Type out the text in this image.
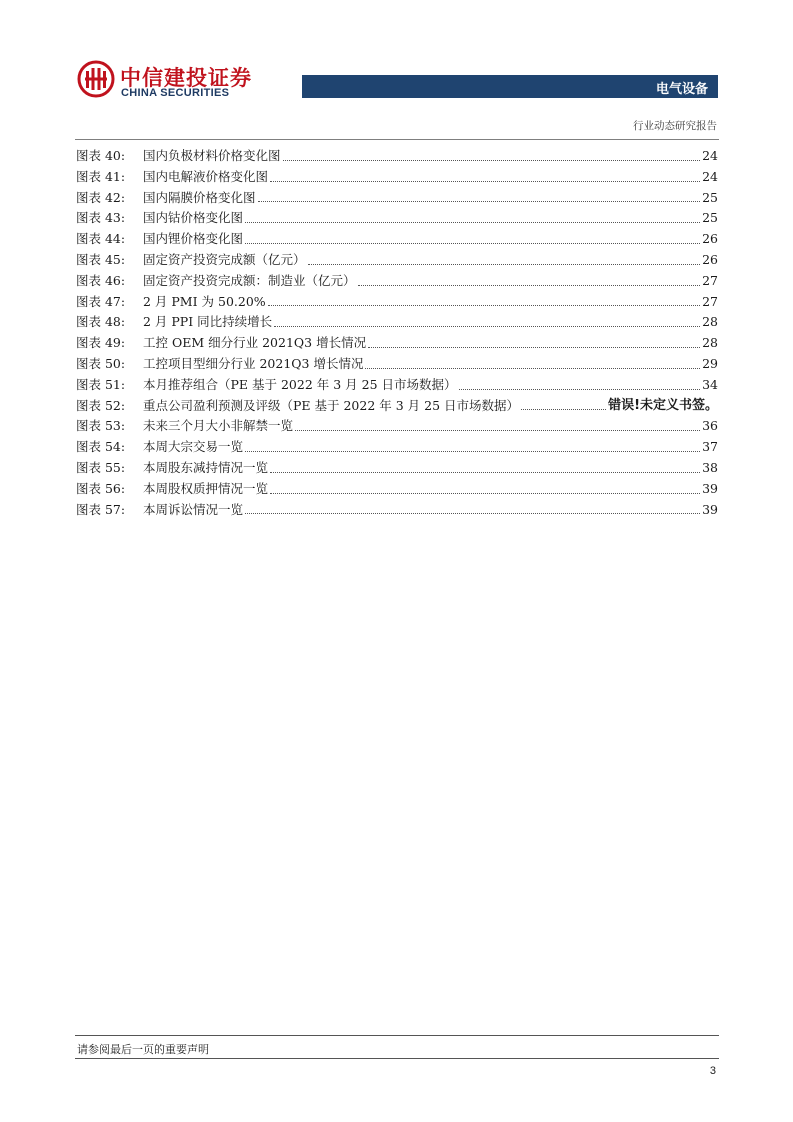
中信建投证券
CHINA SECURITIES	电气设备
行业动态研究报告
图表 40:	国内负极材料价格变化图	24
图表 41:	国内电解液价格变化图	24
图表 42:	国内隔膜价格变化图	25
图表 43:	国内钴价格变化图	25
图表 44:	国内锂价格变化图	26
图表 45:	固定资产投资完成额（亿元）	26
图表 46:	固定资产投资完成额：制造业（亿元）	27
图表 47:	2 月 PMI 为 50.20%	27
图表 48:	2 月 PPI 同比持续增长	28
图表 49:	工控 OEM 细分行业 2021Q3 增长情况	28
图表 50:	工控项目型细分行业 2021Q3 增长情况	29
图表 51:	本月推荐组合（PE 基于 2022 年 3 月 25 日市场数据）	34
图表 52:	重点公司盈利预测及评级（PE 基于 2022 年 3 月 25 日市场数据）	错误!未定义书签。
图表 53:	未来三个月大小非解禁一览	36
图表 54:	本周大宗交易一览	37
图表 55:	本周股东减持情况一览	38
图表 56:	本周股权质押情况一览	39
图表 57:	本周诉讼情况一览	39
请参阅最后一页的重要声明
3
